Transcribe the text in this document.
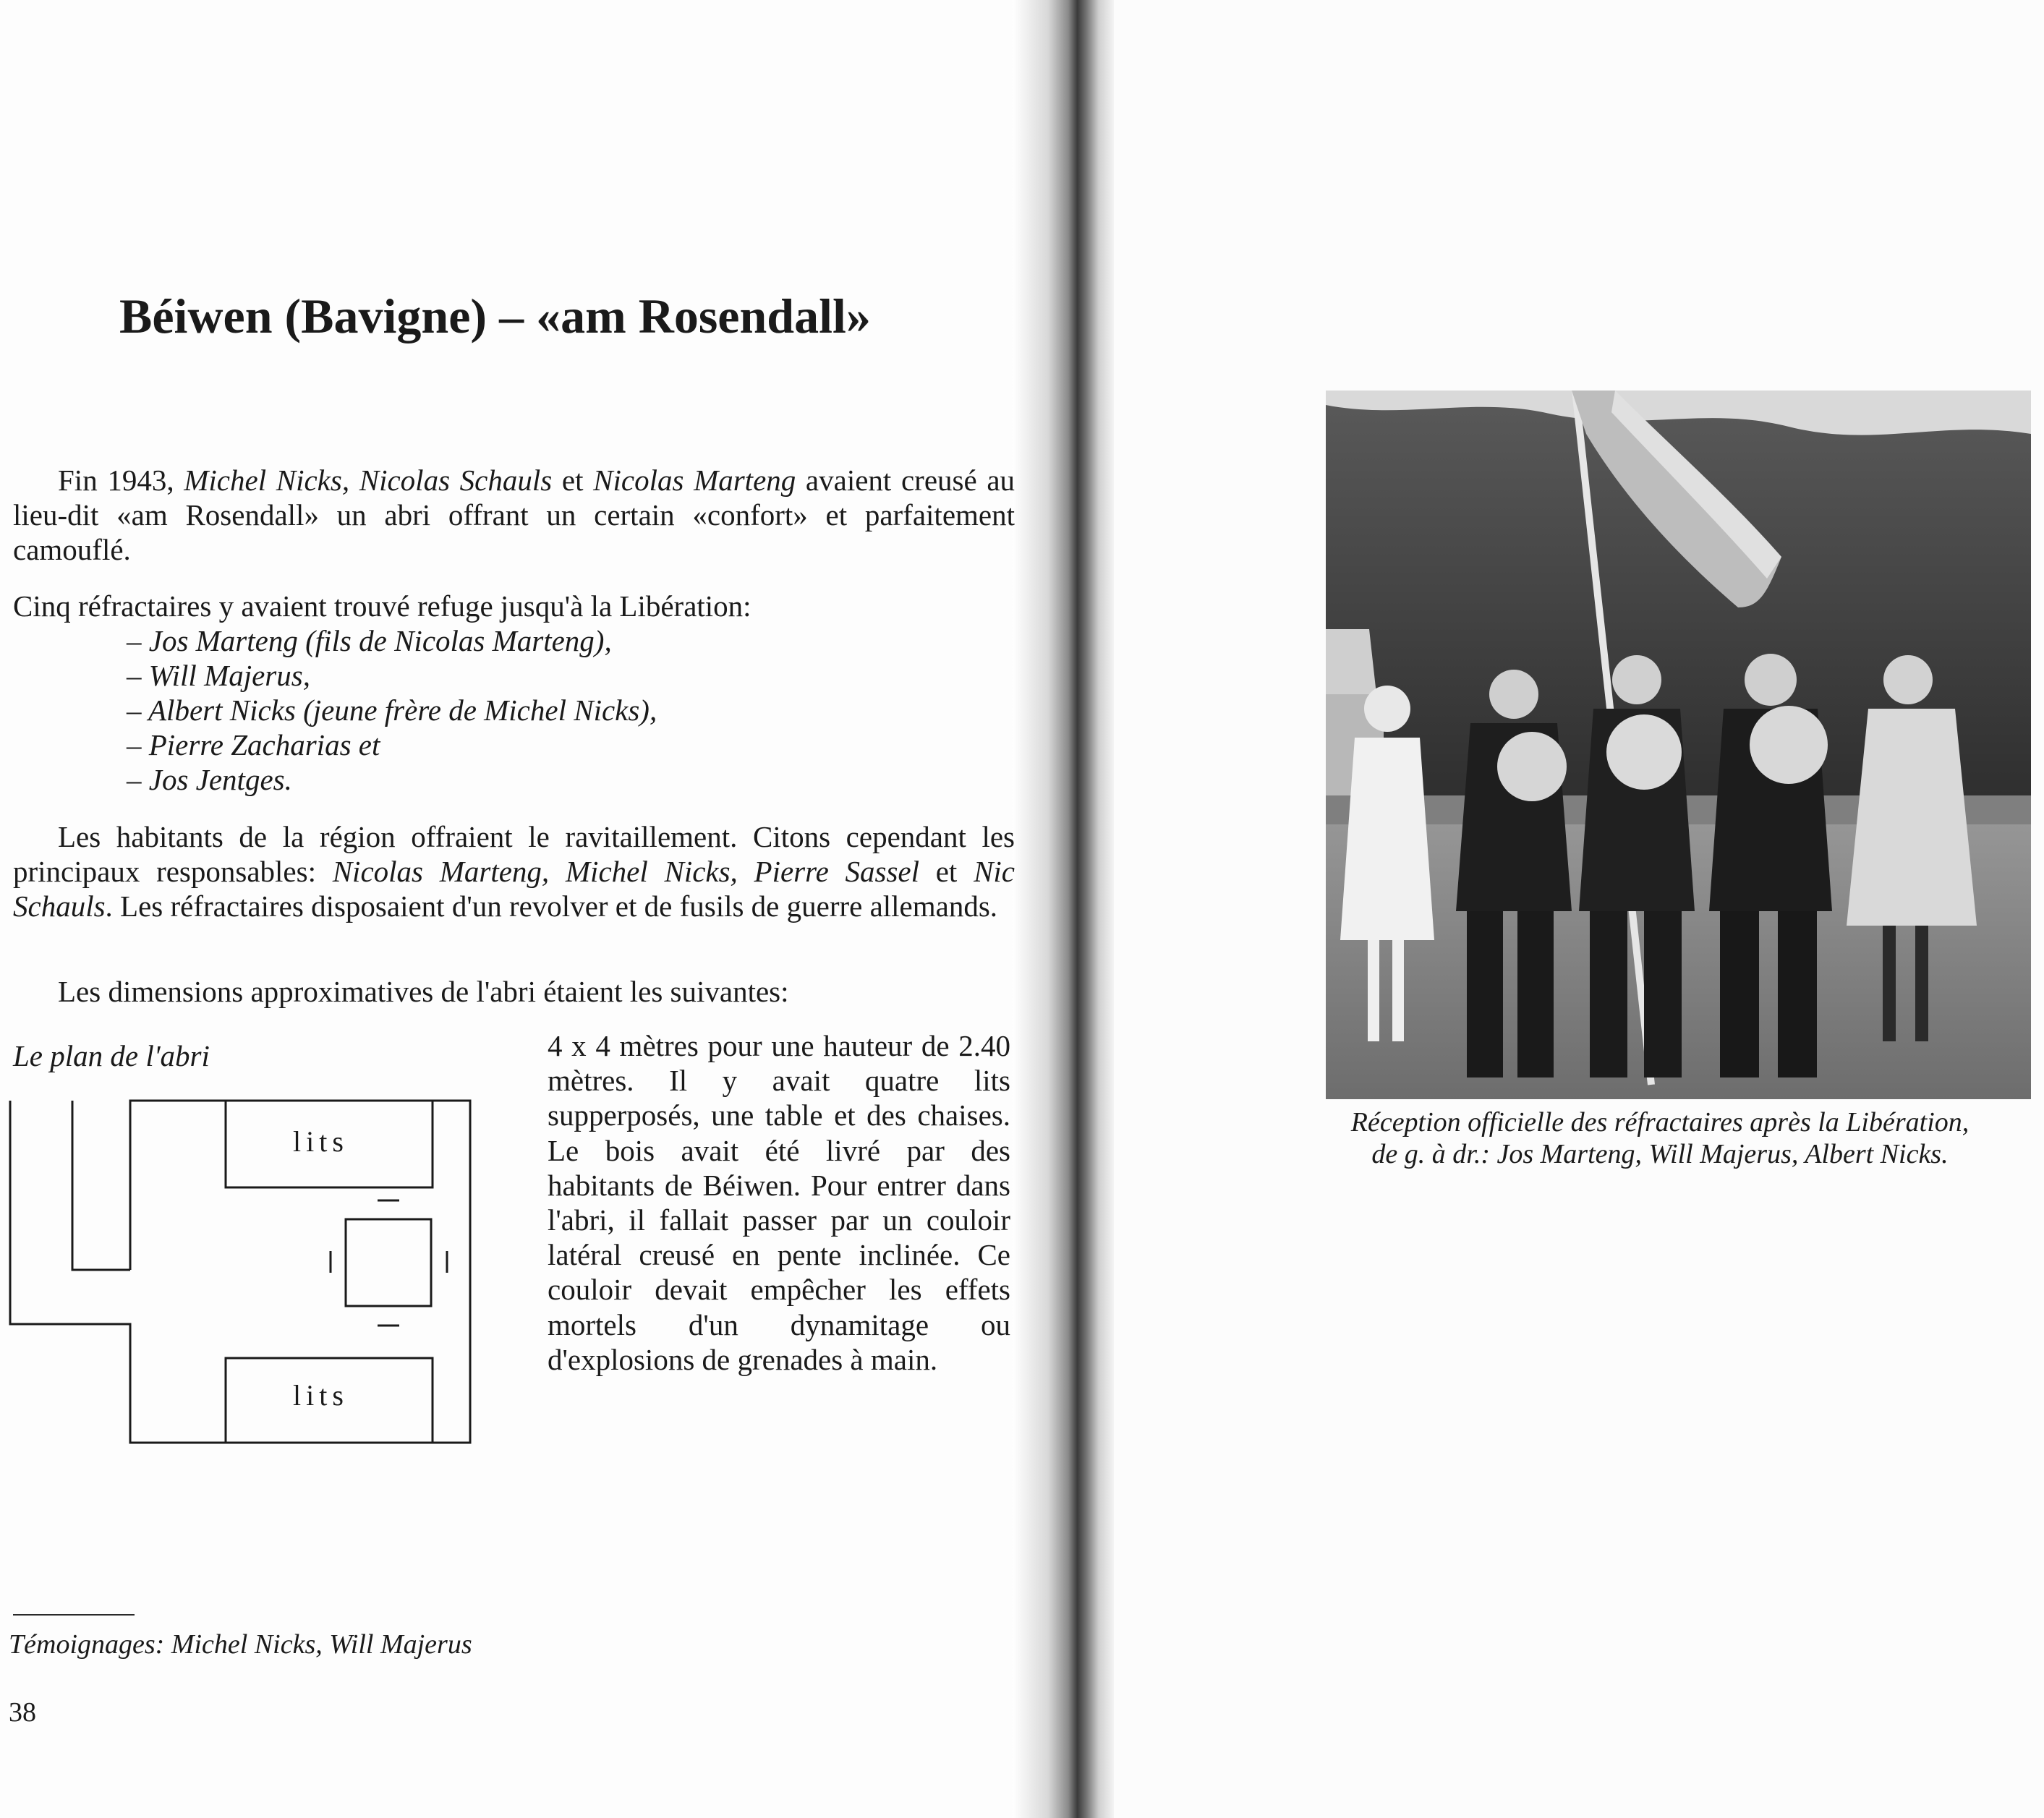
Béiwen (Bavigne) – «am Rosendall»

Fin 1943, Michel Nicks, Nicolas Schauls et Nicolas Marteng avaient creusé au lieu-dit «am Rosendall» un abri offrant un certain «confort» et parfaitement camouflé.

Cinq réfractaires y avaient trouvé refuge jusqu'à la Libération:

– Jos Marteng (fils de Nicolas Marteng),
– Will Majerus,
– Albert Nicks (jeune frère de Michel Nicks),
– Pierre Zacharias et
– Jos Jentges.

Les habitants de la région offraient le ravitaillement. Citons cependant les principaux responsables: Nicolas Marteng, Michel Nicks, Pierre Sassel et Nic Schauls. Les réfractaires disposaient d'un revolver et de fusils de guerre allemands.

Les dimensions approximatives de l'abri étaient les suivantes:

Le plan de l'abri
lits
lits

4 x 4 mètres pour une hauteur de 2.40 mètres. Il y avait quatre lits supperposés, une table et des chaises. Le bois avait été livré par des habitants de Béiwen. Pour entrer dans l'abri, il fallait passer par un couloir latéral creusé en pente inclinée. Ce couloir devait empêcher les effets mortels d'un dynamitage ou d'explosions de grenades à main.

Témoignages: Michel Nicks, Will Majerus
38
Réception officielle des réfractaires après la Libération,
de g. à dr.: Jos Marteng, Will Majerus, Albert Nicks.
